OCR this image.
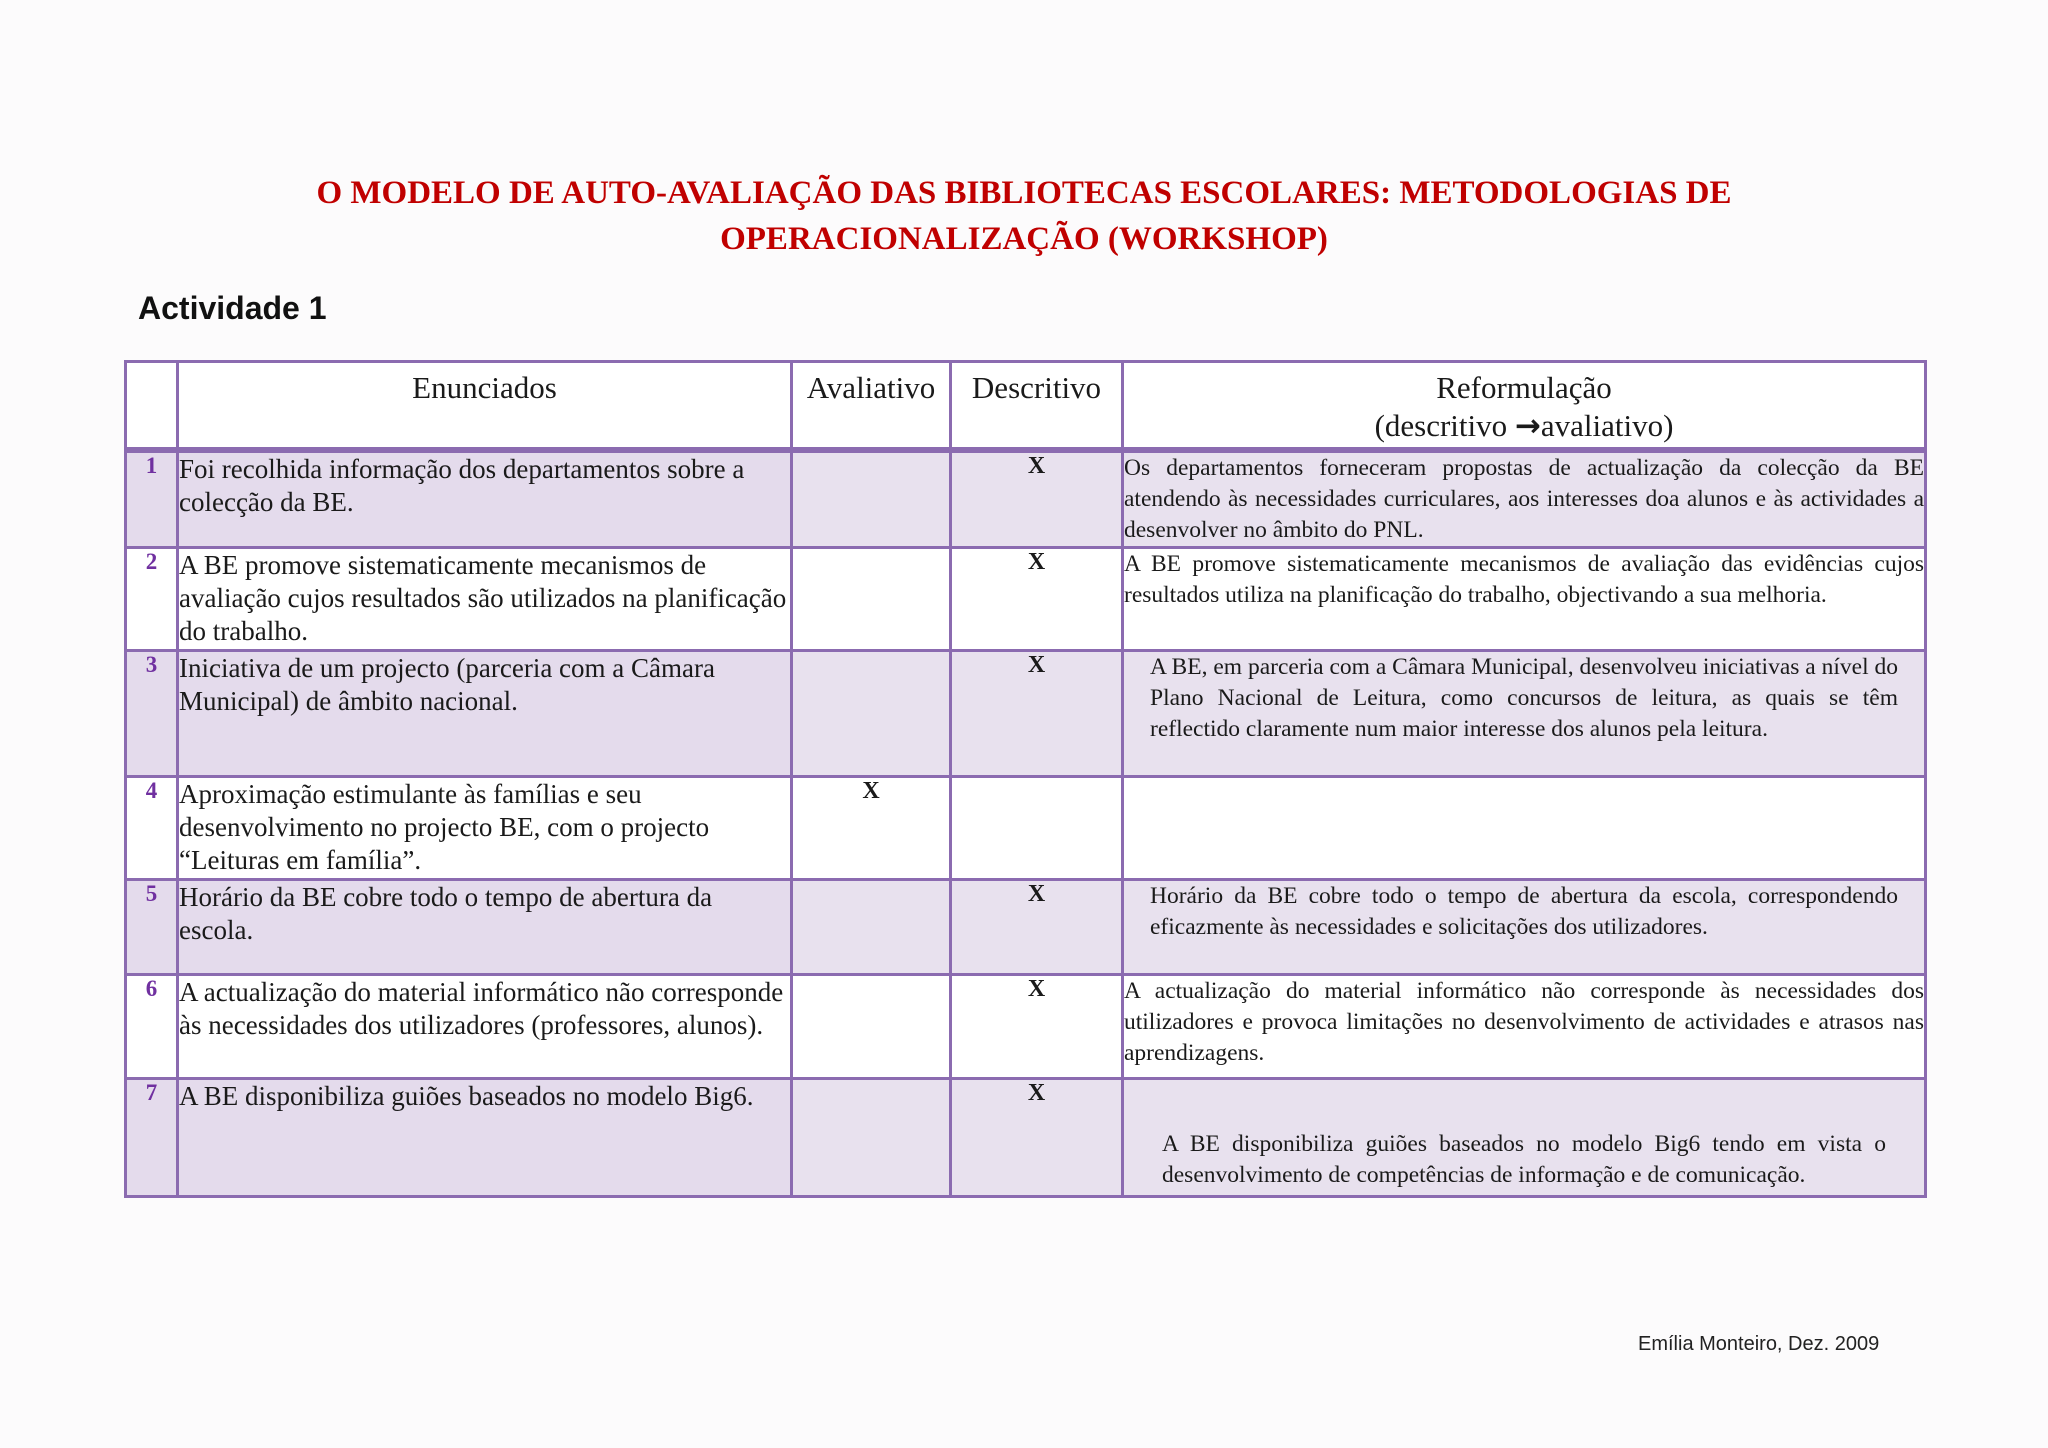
O MODELO DE AUTO-AVALIAÇÃO DAS BIBLIOTECAS ESCOLARES: METODOLOGIAS DE
OPERACIONALIZAÇÃO (WORKSHOP)
Actividade 1
	Enunciados	Avaliativo	Descritivo	Reformulação
(descritivo →avaliativo)

1	Foi recolhida informação dos departamentos sobre a colecção da BE.		X	Os departamentos forneceram propostas de actualização da colecção da BE atendendo às necessidades curriculares, aos interesses doa alunos e às actividades a desenvolver no âmbito do PNL.
2	A BE promove sistematicamente mecanismos de avaliação cujos resultados são utilizados na planificação do trabalho.		X	A BE promove sistematicamente mecanismos de avaliação das evidências cujos resultados utiliza na planificação do trabalho, objectivando a sua melhoria.
3	Iniciativa de um projecto (parceria com a Câmara Municipal) de âmbito nacional.		X	A BE, em parceria com a Câmara Municipal, desenvolveu iniciativas a nível do Plano Nacional de Leitura, como concursos de leitura, as quais se têm reflectido claramente num maior interesse dos alunos pela leitura.
4	Aproximação estimulante às famílias e seu desenvolvimento no projecto BE, com o projecto “Leituras em família”.	X		
5	Horário da BE cobre todo o tempo de abertura da escola.		X	Horário da BE cobre todo o tempo de abertura da escola, correspondendo eficazmente às necessidades e solicitações dos utilizadores.
6	A actualização do material informático não corresponde às necessidades dos utilizadores (professores, alunos).		X	A actualização do material informático não corresponde às necessidades dos utilizadores e provoca limitações no desenvolvimento de actividades e atrasos nas aprendizagens.
7	A BE disponibiliza guiões baseados no modelo Big6.		X	A BE disponibiliza guiões baseados no modelo Big6 tendo em vista o desenvolvimento de competências de informação e de comunicação.
Emília Monteiro, Dez. 2009
